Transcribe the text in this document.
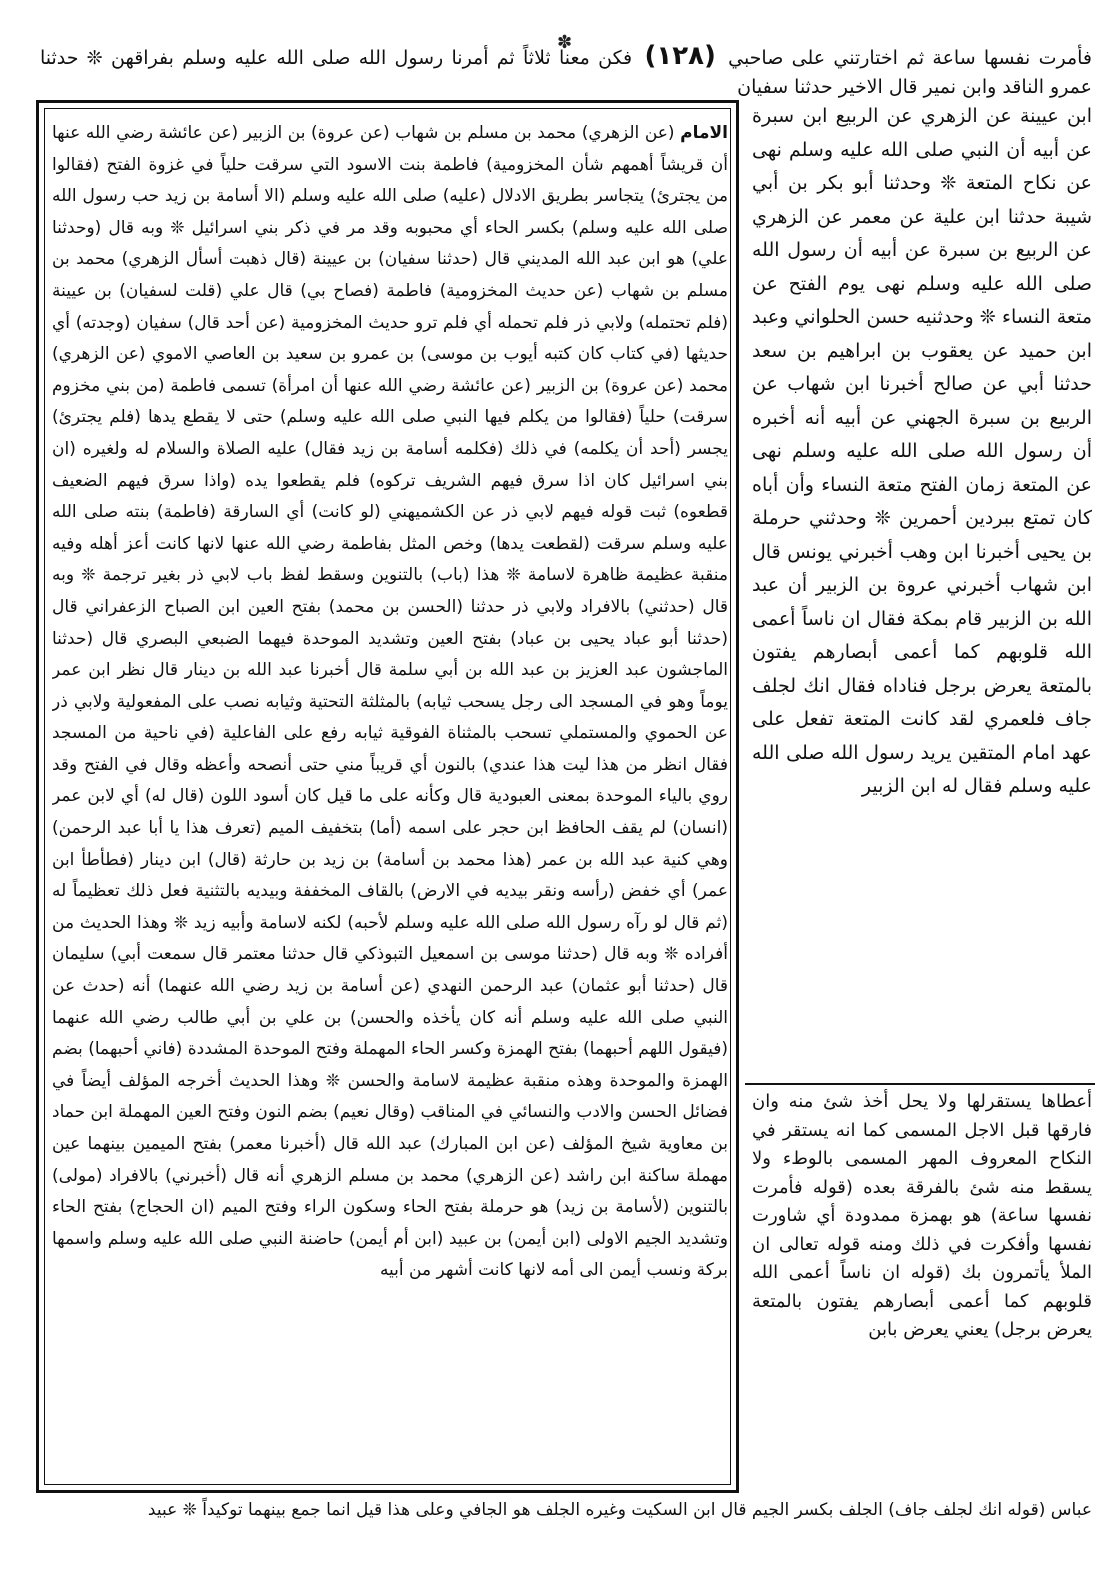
✽
فأمرت نفسها ساعة ثم اختارتني على صاحبي (١٢٨) فكن معنا ثلاثاً ثم أمرنا رسول الله صلى الله عليه وسلم بفراقهن ❊ حدثنا عمرو الناقد وابن نمير قال الاخير حدثنا سفيان
الامام (عن الزهري) محمد بن مسلم بن شهاب (عن عروة) بن الزبير (عن عائشة رضي الله عنها أن قريشاً أهمهم شأن المخزومية) فاطمة بنت الاسود التي سرقت حلياً في غزوة الفتح (فقالوا من يجترئ) يتجاسر بطريق الادلال (عليه) صلى الله عليه وسلم (الا أسامة بن زيد حب رسول الله صلى الله عليه وسلم) بكسر الحاء أي محبوبه وقد مر في ذكر بني اسرائيل ❊ وبه قال (وحدثنا علي) هو ابن عبد الله المديني قال (حدثنا سفيان) بن عيينة (قال ذهبت أسأل الزهري) محمد بن مسلم بن شهاب (عن حديث المخزومية) فاطمة (فصاح بي) قال علي (قلت لسفيان) بن عيينة (فلم تحتمله) ولابي ذر فلم تحمله أي فلم ترو حديث المخزومية (عن أحد قال) سفيان (وجدته) أي حديثها (في كتاب كان كتبه أيوب بن موسى) بن عمرو بن سعيد بن العاصي الاموي (عن الزهري) محمد (عن عروة) بن الزبير (عن عائشة رضي الله عنها أن امرأة) تسمى فاطمة (من بني مخزوم سرقت) حلياً (فقالوا من يكلم فيها النبي صلى الله عليه وسلم) حتى لا يقطع يدها (فلم يجترئ) يجسر (أحد أن يكلمه) في ذلك (فكلمه أسامة بن زيد فقال) عليه الصلاة والسلام له ولغيره (ان بني اسرائيل كان اذا سرق فيهم الشريف تركوه) فلم يقطعوا يده (واذا سرق فيهم الضعيف قطعوه) ثبت قوله فيهم لابي ذر عن الكشميهني (لو كانت) أي السارقة (فاطمة) بنته صلى الله عليه وسلم سرقت (لقطعت يدها) وخص المثل بفاطمة رضي الله عنها لانها كانت أعز أهله وفيه منقبة عظيمة ظاهرة لاسامة ❊ هذا (باب) بالتنوين وسقط لفظ باب لابي ذر بغير ترجمة ❊ وبه قال (حدثني) بالافراد ولابي ذر حدثنا (الحسن بن محمد) بفتح العين ابن الصباح الزعفراني قال (حدثنا أبو عباد يحيى بن عباد) بفتح العين وتشديد الموحدة فيهما الضبعي البصري قال (حدثنا الماجشون عبد العزيز بن عبد الله بن أبي سلمة قال أخبرنا عبد الله بن دينار قال نظر ابن عمر يوماً وهو في المسجد الى رجل يسحب ثيابه) بالمثلثة التحتية وثيابه نصب على المفعولية ولابي ذر عن الحموي والمستملي تسحب بالمثناة الفوقية ثيابه رفع على الفاعلية (في ناحية من المسجد فقال انظر من هذا ليت هذا عندي) بالنون أي قريباً مني حتى أنصحه وأعظه وقال في الفتح وقد روي بالياء الموحدة بمعنى العبودية قال وكأنه على ما قيل كان أسود اللون (قال له) أي لابن عمر (انسان) لم يقف الحافظ ابن حجر على اسمه (أما) بتخفيف الميم (تعرف هذا يا أبا عبد الرحمن) وهي كنية عبد الله بن عمر (هذا محمد بن أسامة) بن زيد بن حارثة (قال) ابن دينار (فطأطأ ابن عمر) أي خفض (رأسه ونقر بيديه في الارض) بالقاف المخففة وبيديه بالتثنية فعل ذلك تعظيماً له (ثم قال لو رآه رسول الله صلى الله عليه وسلم لأحبه) لكنه لاسامة وأبيه زيد ❊ وهذا الحديث من أفراده ❊ وبه قال (حدثنا موسى بن اسمعيل التبوذكي قال حدثنا معتمر قال سمعت أبي) سليمان قال (حدثنا أبو عثمان) عبد الرحمن النهدي (عن أسامة بن زيد رضي الله عنهما) أنه (حدث عن النبي صلى الله عليه وسلم أنه كان يأخذه والحسن) بن علي بن أبي طالب رضي الله عنهما (فيقول اللهم أحبهما) بفتح الهمزة وكسر الحاء المهملة وفتح الموحدة المشددة (فاني أحبهما) بضم الهمزة والموحدة وهذه منقبة عظيمة لاسامة والحسن ❊ وهذا الحديث أخرجه المؤلف أيضاً في فضائل الحسن والادب والنسائي في المناقب (وقال نعيم) بضم النون وفتح العين المهملة ابن حماد بن معاوية شيخ المؤلف (عن ابن المبارك) عبد الله قال (أخبرنا معمر) بفتح الميمين بينهما عين مهملة ساكنة ابن راشد (عن الزهري) محمد بن مسلم الزهري أنه قال (أخبرني) بالافراد (مولى) بالتنوين (لأسامة بن زيد) هو حرملة بفتح الحاء وسكون الراء وفتح الميم (ان الحجاج) بفتح الحاء وتشديد الجيم الاولى (ابن أيمن) بن عبيد (ابن أم أيمن) حاضنة النبي صلى الله عليه وسلم واسمها بركة ونسب أيمن الى أمه لانها كانت أشهر من أبيه
ابن عيينة عن الزهري عن الربيع ابن سبرة عن أبيه أن النبي صلى الله عليه وسلم نهى عن نكاح المتعة ❊ وحدثنا أبو بكر بن أبي شيبة حدثنا ابن علية عن معمر عن الزهري عن الربيع بن سبرة عن أبيه أن رسول الله صلى الله عليه وسلم نهى يوم الفتح عن متعة النساء ❊ وحدثنيه حسن الحلواني وعبد ابن حميد عن يعقوب بن ابراهيم بن سعد حدثنا أبي عن صالح أخبرنا ابن شهاب عن الربيع بن سبرة الجهني عن أبيه أنه أخبره أن رسول الله صلى الله عليه وسلم نهى عن المتعة زمان الفتح متعة النساء وأن أباه كان تمتع ببردين أحمرين ❊ وحدثني حرملة بن يحيى أخبرنا ابن وهب أخبرني يونس قال ابن شهاب أخبرني عروة بن الزبير أن عبد الله بن الزبير قام بمكة فقال ان ناساً أعمى الله قلوبهم كما أعمى أبصارهم يفتون بالمتعة يعرض برجل فناداه فقال انك لجلف جاف فلعمري لقد كانت المتعة تفعل على عهد امام المتقين يريد رسول الله صلى الله عليه وسلم فقال له ابن الزبير
أعطاها يستقرلها ولا يحل أخذ شئ منه وان فارقها قبل الاجل المسمى كما انه يستقر في النكاح المعروف المهر المسمى بالوطء ولا يسقط منه شئ بالفرقة بعده (قوله فأمرت نفسها ساعة) هو بهمزة ممدودة أي شاورت نفسها وأفكرت في ذلك ومنه قوله تعالى ان الملأ يأتمرون بك (قوله ان ناساً أعمى الله قلوبهم كما أعمى أبصارهم يفتون بالمتعة يعرض برجل) يعني يعرض بابن
عباس (قوله انك لجلف جاف) الجلف بكسر الجيم قال ابن السكيت وغيره الجلف هو الجافي وعلى هذا قيل انما جمع بينهما توكيداً ❊ عبيد
